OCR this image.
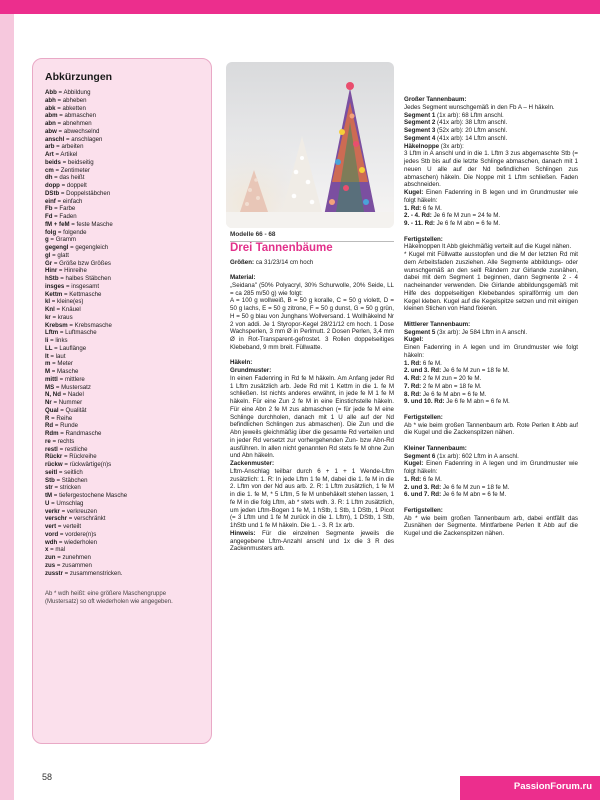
Abkürzungen
Abb = Abbildung
abh = abheben
abk = abketten
abm = abmaschen
abn = abnehmen
abw = abwechselnd
anschl = anschlagen
arb = arbeiten
Art = Artikel
beids = beidseitig
cm = Zentimeter
dh = das heißt
dopp = doppelt
DStb = Doppelstäbchen
einf = einfach
Fb = Farbe
Fd = Faden
fM + feM = feste Masche
folg = folgende
g = Gramm
gegengl = gegengleich
gl = glatt
Gr = Größe bzw Größes
Hinr = Hinreihe
hStb = halbes Stäbchen
insges = insgesamt
Kettm = Kettmasche
kl = kleine(es)
Knl = Knäuel
kr = kraus
Krebsm = Krebsmasche
Lftm = Luftmasche
li = links
LL = Lauflänge
lt = laut
m = Meter
M = Masche
mittl = mittlere
MS = Mustersatz
N, Nd = Nadel
Nr = Nummer
Qual = Qualität
R = Reihe
Rd = Runde
Rdm = Randmasche
re = rechts
restl = restliche
Rückr = Rückreihe
rückw = rückwärtige(n)s
seitl = seitlich
Stb = Stäbchen
str = stricken
tM = tiefergestochene Masche
U = Umschlag
verkr = verkreuzen
verschr = verschränkt
vert = verteilt
vord = vordere(n)s
wdh = wiederholen
x = mal
zun = zunehmen
zus = zusammen
zusstr = zusammenstricken.
Ab * wdh heißt: eine größere Maschengruppe (Mustersatz) so oft wiederholen wie angegeben.
Modelle 66 - 68
Drei Tannenbäume

Größen: ca 31/23/14 cm hoch

Material:

„Seidana" (50% Polyacryl, 30% Schurwolle, 20% Seide, LL = ca 285 m/50 g) wie folgt:

A = 100 g wollweiß, B = 50 g koralle, C = 50 g violett, D = 50 g lachs, E = 50 g zitrone, F = 50 g dunst, G = 50 g grün, H = 50 g blau von Junghans Wollversand. 1 Wollhäkelnd Nr 2 von addi. Je 1 Styropor-Kegel 28/21/12 cm hoch. 1 Dose Wachsperlen, 3 mm Ø in Perlmutt. 2 Dosen Perlen, 3,4 mm Ø in Rot-Transparent-gefrostet. 3 Rollen doppelseitiges Klebeband, 9 mm breit. Füllwatte.

Häkeln:

Grundmuster:

In einen Fadenring in Rd fe M häkeln. Am Anfang jeder Rd 1 Lftm zusätzlich arb. Jede Rd mit 1 Kettm in die 1. fe M schließen. Ist nichts anderes erwähnt, in jede fe M 1 fe M häkeln. Für eine Zun 2 fe M in eine Einstichstelle häkeln. Für eine Abn 2 fe M zus abmaschen (= für jede fe M eine Schlinge durchholen, danach mit 1 U alle auf der Nd befindlichen Schlingen zus abmaschen). Die Zun und die Abn jeweils gleichmäßig über die gesamte Rd verteilen und in jeder Rd versetzt zur vorhergehenden Zun- bzw Abn-Rd ausführen. In allen nicht genannten Rd stets fe M ohne Zun und Abn häkeln.

Zackenmuster:

Lftm-Anschlag teilbar durch 6 + 1 + 1 Wende-Lftm zusätzlich: 1. R: In jede Lftm 1 fe M, dabei die 1. fe M in die 2. Lftm von der Nd aus arb. 2. R: 1 Lftm zusätzlich, 1 fe M in die 1. fe M, * 5 Lftm, 5 fe M unbehäkelt stehen lassen, 1 fe M in die folg Lftm, ab * stets wdh. 3. R: 1 Lftm zusätzlich, um jeden Lftm-Bogen 1 fe M, 1 hStb, 1 Stb, 1 DStb, 1 Picot (= 3 Lftm und 1 fe M zurück in die 1. Lftm), 1 DStb, 1 Stb, 1hStb und 1 fe M häkeln. Die 1. - 3. R 1x arb.

Hinweis: Für die einzelnen Segmente jeweils die angegebene Lftm-Anzahl anschl und 1x die 3 R des Zackenmusters arb.

Großer Tannenbaum:

Jedes Segment wunschgemäß in den Fb A – H häkeln.

Segment 1 (1x arb): 68 Lftm anschl.

Segment 2 (41x arb): 38 Lftm anschl.

Segment 3 (52x arb): 20 Lftm anschl.

Segment 4 (41x arb): 14 Lftm anschl.

Häkelnoppe (3x arb):

3 Lftm in A anschl und in die 1. Lftm 3 zus abgemaschte Stb (= jedes Stb bis auf die letzte Schlinge abmaschen, danach mit 1 neuen U alle auf der Nd befindlichen Schlingen zus abmaschen) häkeln. Die Noppe mit 1 Lftm schließen. Faden abschneiden.

Kugel: Einen Fadenring in B legen und im Grundmuster wie folgt häkeln:

1. Rd: 6 fe M.

2. - 4. Rd: Je 6 fe M zun = 24 fe M.

9. - 11. Rd: Je 6 fe M abn = 6 fe M.

Fertigstellen:

Häkelnoppen lt Abb gleichmäßig verteilt auf die Kugel nähen.
* Kugel mit Füllwatte ausstopfen und die M der letzten Rd mit dem Arbeitsfaden zusziehen. Alle Segmente abbildungs- oder wunschgemäß an den seitl Rändern zur Girlande zusnähen, dabei mit dem Segment 1 beginnen, dann Segmente 2 - 4 nacheinander verwenden. Die Girlande abbildungsgemäß mit Hilfe des doppelseitigen Klebebandes spiralförmig um den Kegel kleben. Kugel auf die Kegelspitze setzen und mit einigen kleinen Stichen von Hand fixieren.

Mittlerer Tannenbaum:

Segment 5 (3x arb): Je 584 Lftm in A anschl.

Kugel:

Einen Fadenring in A legen und im Grundmuster wie folgt häkeln:

1. Rd: 6 fe M.

2. und 3. Rd: Je 6 fe M zun = 18 fe M.

4. Rd: 2 fe M zun = 20 fe M.

7. Rd: 2 fe M abn = 18 fe M.

8. Rd: Je 6 fe M abn = 6 fe M.

9. und 10. Rd: Je 6 fe M abn = 6 fe M.

Fertigstellen:

Ab * wie beim großen Tannenbaum arb. Rote Perlen lt Abb auf die Kugel und die Zackenspitzen nähen.

Kleiner Tannenbaum:

Segment 6 (1x arb): 602 Lftm in A anschl.

Kugel: Einen Fadenring in A legen und im Grundmuster wie folgt häkeln:

1. Rd: 6 fe M.

2. und 3. Rd: Je 6 fe M zun = 18 fe M.

6. und 7. Rd: Je 6 fe M abn = 6 fe M.

Fertigstellen:

Ab * wie beim großen Tannenbaum arb, dabei entfällt das Zusnähen der Segmente. Mintfarbene Perlen lt Abb auf die Kugel und die Zackenspitzen nähen.

58
PassionForum.ru
